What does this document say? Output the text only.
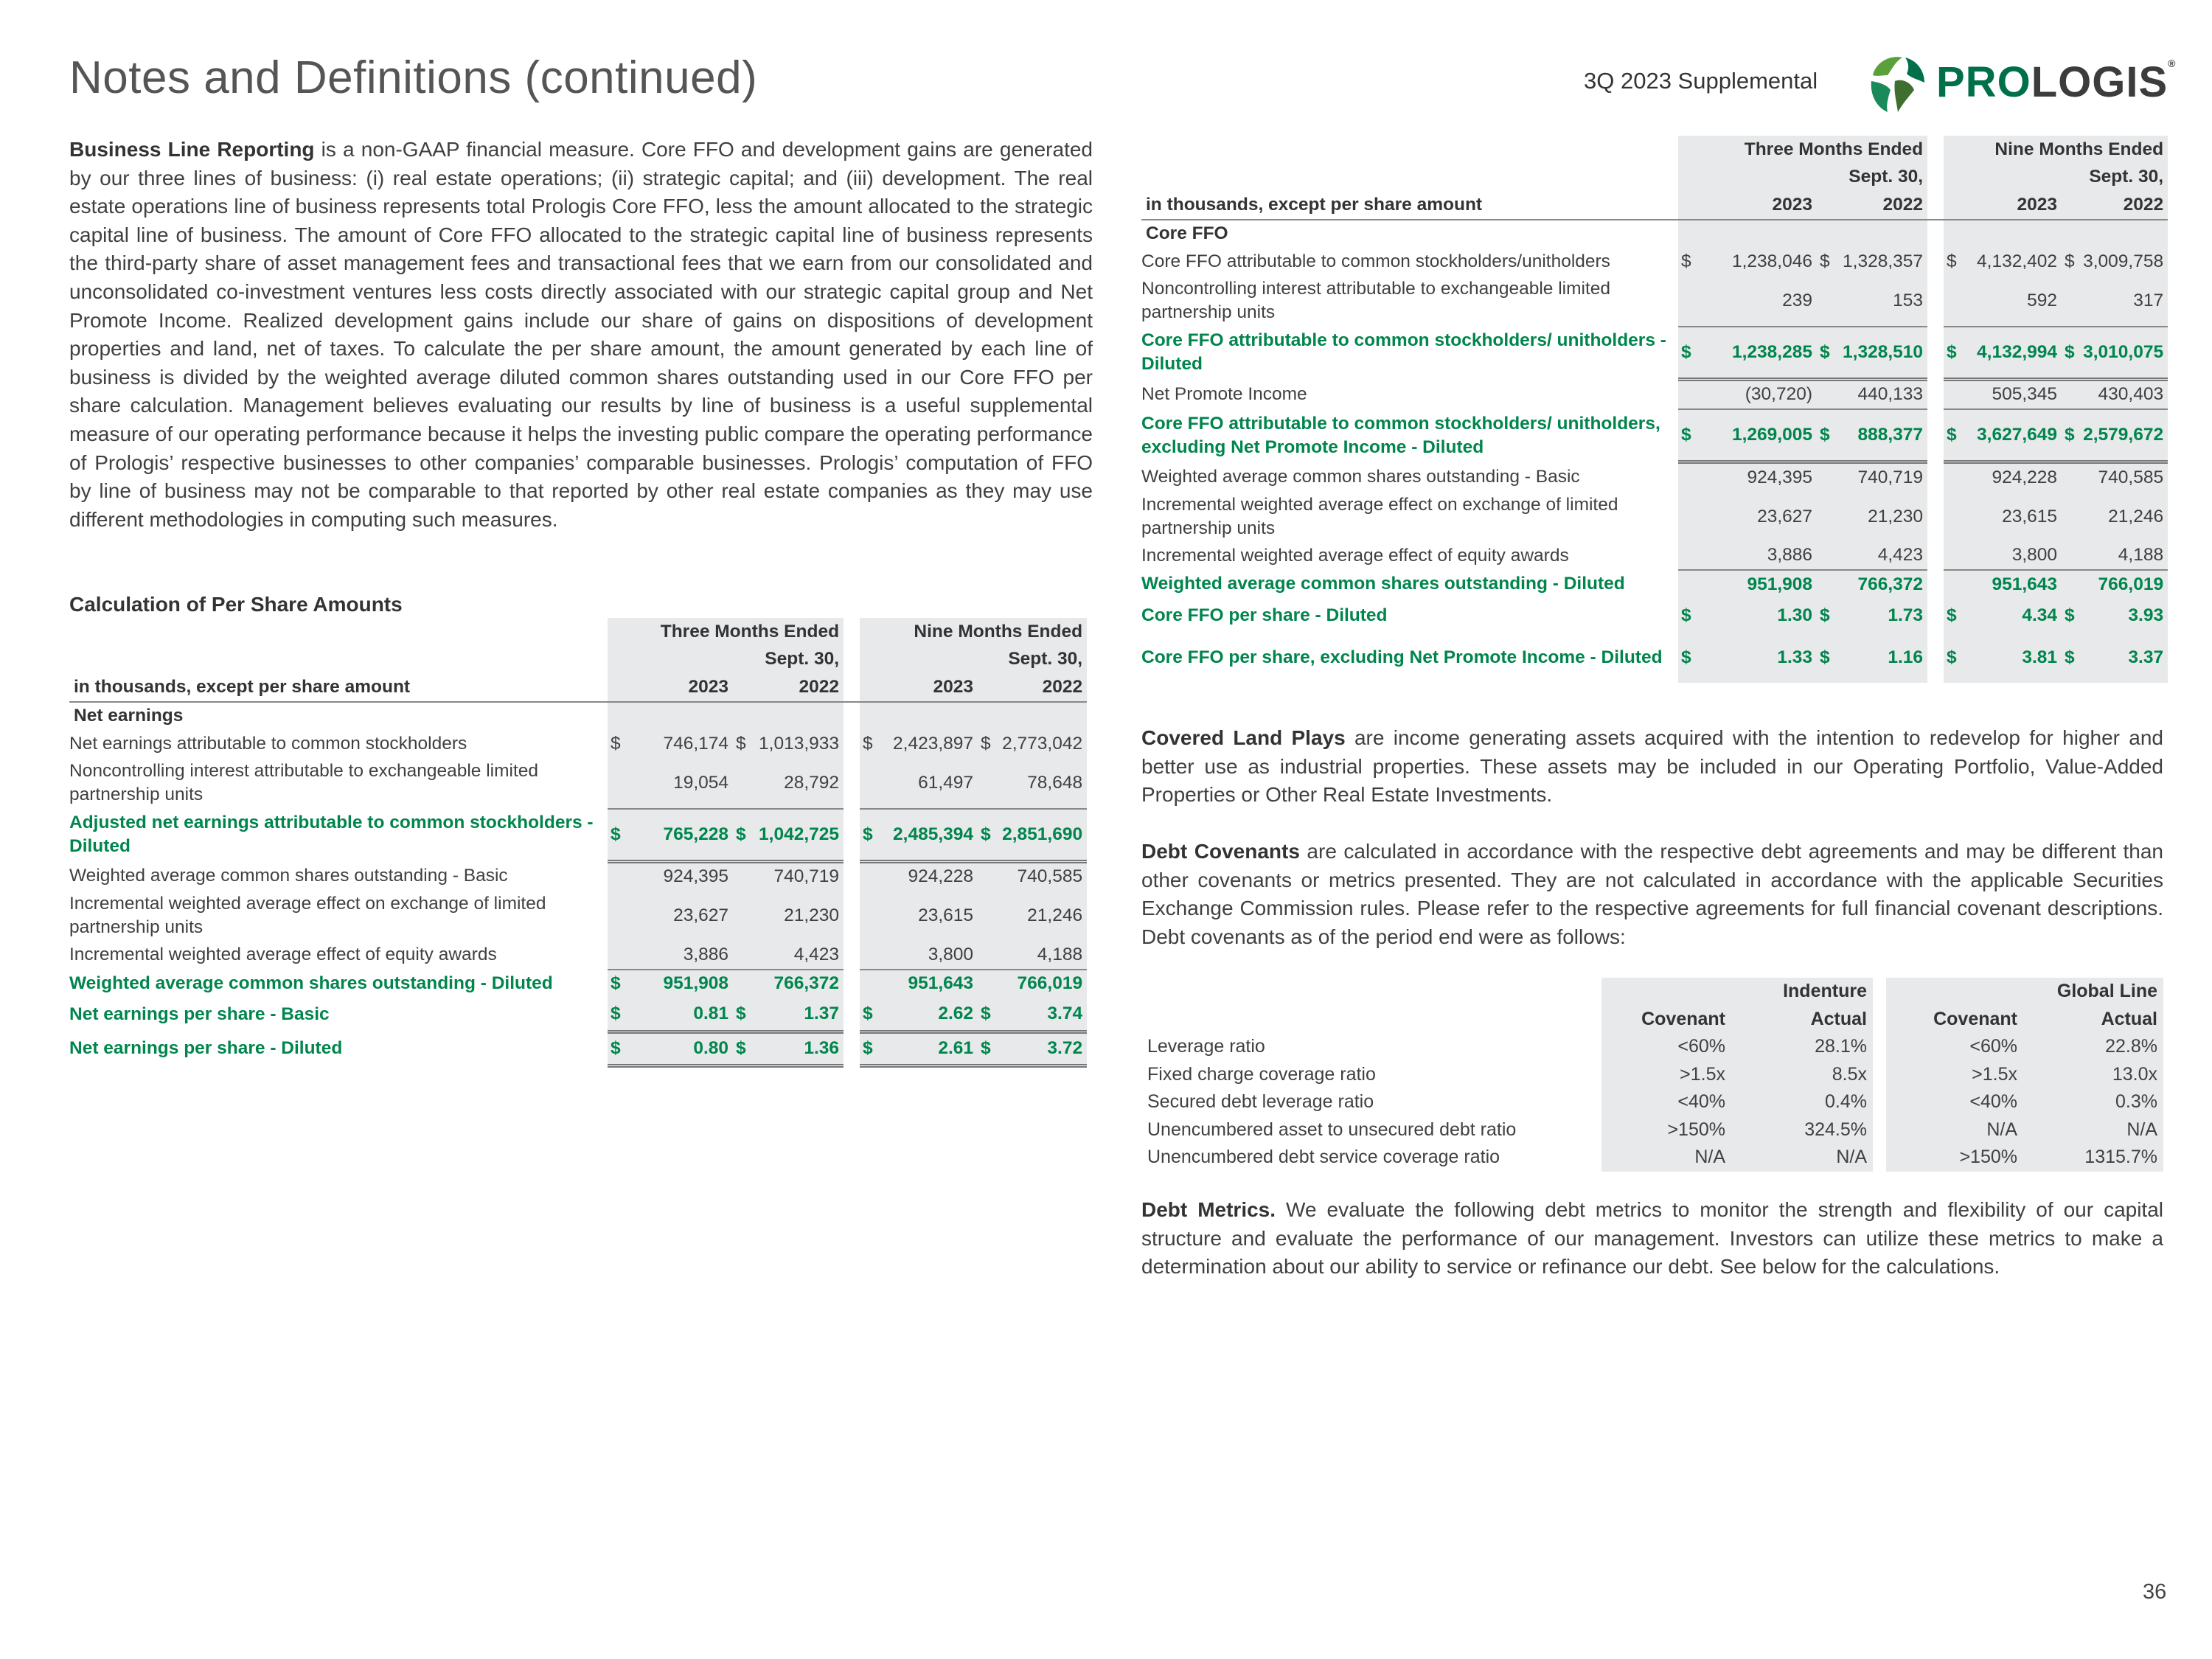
Notes and Definitions (continued)	3Q 2023 Supplemental	PROLOGIS®
Business Line Reporting is a non-GAAP financial measure. Core FFO and development gains are generated by our three lines of business: (i) real estate operations; (ii) strategic capital; and (iii) development. The real estate operations line of business represents total Prologis Core FFO, less the amount allocated to the strategic capital line of business. The amount of Core FFO allocated to the strategic capital line of business represents the third-party share of asset management fees and transactional fees that we earn from our consolidated and unconsolidated co-investment ventures less costs directly associated with our strategic capital group and Net Promote Income. Realized development gains include our share of gains on dispositions of development properties and land, net of taxes. To calculate the per share amount, the amount generated by each line of business is divided by the weighted average diluted common shares outstanding used in our Core FFO per share calculation. Management believes evaluating our results by line of business is a useful supplemental measure of our operating performance because it helps the investing public compare the operating performance of Prologis’ respective businesses to other companies’ comparable businesses. Prologis’ computation of FFO by line of business may not be comparable to that reported by other real estate companies as they may use different methodologies in computing such measures.
Calculation of Per Share Amounts
	Three Months Ended					Nine Months Ended			
	Sept. 30,					Sept. 30,			
in thousands, except per share amount		2023		2022			2023		2022
Net earnings									
Net earnings attributable to common stockholders	$	746,174	$	1,013,933		$	2,423,897	$	2,773,042
Noncontrolling interest attributable to exchangeable limited partnership units		19,054		28,792			61,497		78,648
Adjusted net earnings attributable to common stockholders - Diluted	$	765,228	$	1,042,725		$	2,485,394	$	2,851,690
Weighted average common shares outstanding - Basic		924,395		740,719			924,228		740,585
Incremental weighted average effect on exchange of limited partnership units		23,627		21,230			23,615		21,246
Incremental weighted average effect of equity awards		3,886		4,423			3,800		4,188
Weighted average common shares outstanding - Diluted	$	951,908		766,372			951,643		766,019
Net earnings per share - Basic	$	0.81	$	1.37		$	2.62	$	3.74
Net earnings per share - Diluted	$	0.80	$	1.36		$	2.61	$	3.72
	Three Months Ended					Nine Months Ended			
	Sept. 30,					Sept. 30,			
in thousands, except per share amount		2023		2022			2023		2022
Core FFO									
Core FFO attributable to common stockholders/unitholders	$	1,238,046	$	1,328,357		$	4,132,402	$	3,009,758
Noncontrolling interest attributable to exchangeable limited partnership units		239		153			592		317
Core FFO attributable to common stockholders/ unitholders - Diluted	$	1,238,285	$	1,328,510		$	4,132,994	$	3,010,075
Net Promote Income		(30,720)		440,133			505,345		430,403
Core FFO attributable to common stockholders/ unitholders, excluding Net Promote Income - Diluted	$	1,269,005	$	888,377		$	3,627,649	$	2,579,672
Weighted average common shares outstanding - Basic		924,395		740,719			924,228		740,585
Incremental weighted average effect on exchange of limited partnership units		23,627		21,230			23,615		21,246
Incremental weighted average effect of equity awards		3,886		4,423			3,800		4,188
Weighted average common shares outstanding - Diluted		951,908		766,372			951,643		766,019
Core FFO per share - Diluted	$	1.30	$	1.73		$	4.34	$	3.93
Core FFO per share, excluding Net Promote Income - Diluted	$	1.33	$	1.16		$	3.81	$	3.37
Covered Land Plays are income generating assets acquired with the intention to redevelop for higher and better use as industrial properties. These assets may be included in our Operating Portfolio, Value-Added Properties or Other Real Estate Investments.
Debt Covenants are calculated in accordance with the respective debt agreements and may be different than other covenants or metrics presented. They are not calculated in accordance with the applicable Securities Exchange Commission rules. Please refer to the respective agreements for full financial covenant descriptions. Debt covenants as of the period end were as follows:
	Indenture			Global Line	
	Covenant	Actual		Covenant	Actual
Leverage ratio	<60%	28.1%		<60%	22.8%
Fixed charge coverage ratio	>1.5x	8.5x		>1.5x	13.0x
Secured debt leverage ratio	<40%	0.4%		<40%	0.3%
Unencumbered asset to unsecured debt ratio	>150%	324.5%		N/A	N/A
Unencumbered debt service coverage ratio	N/A	N/A		>150%	1315.7%
Debt Metrics. We evaluate the following debt metrics to monitor the strength and flexibility of our capital structure and evaluate the performance of our management. Investors can utilize these metrics to make a determination about our ability to service or refinance our debt. See below for the calculations.
36
